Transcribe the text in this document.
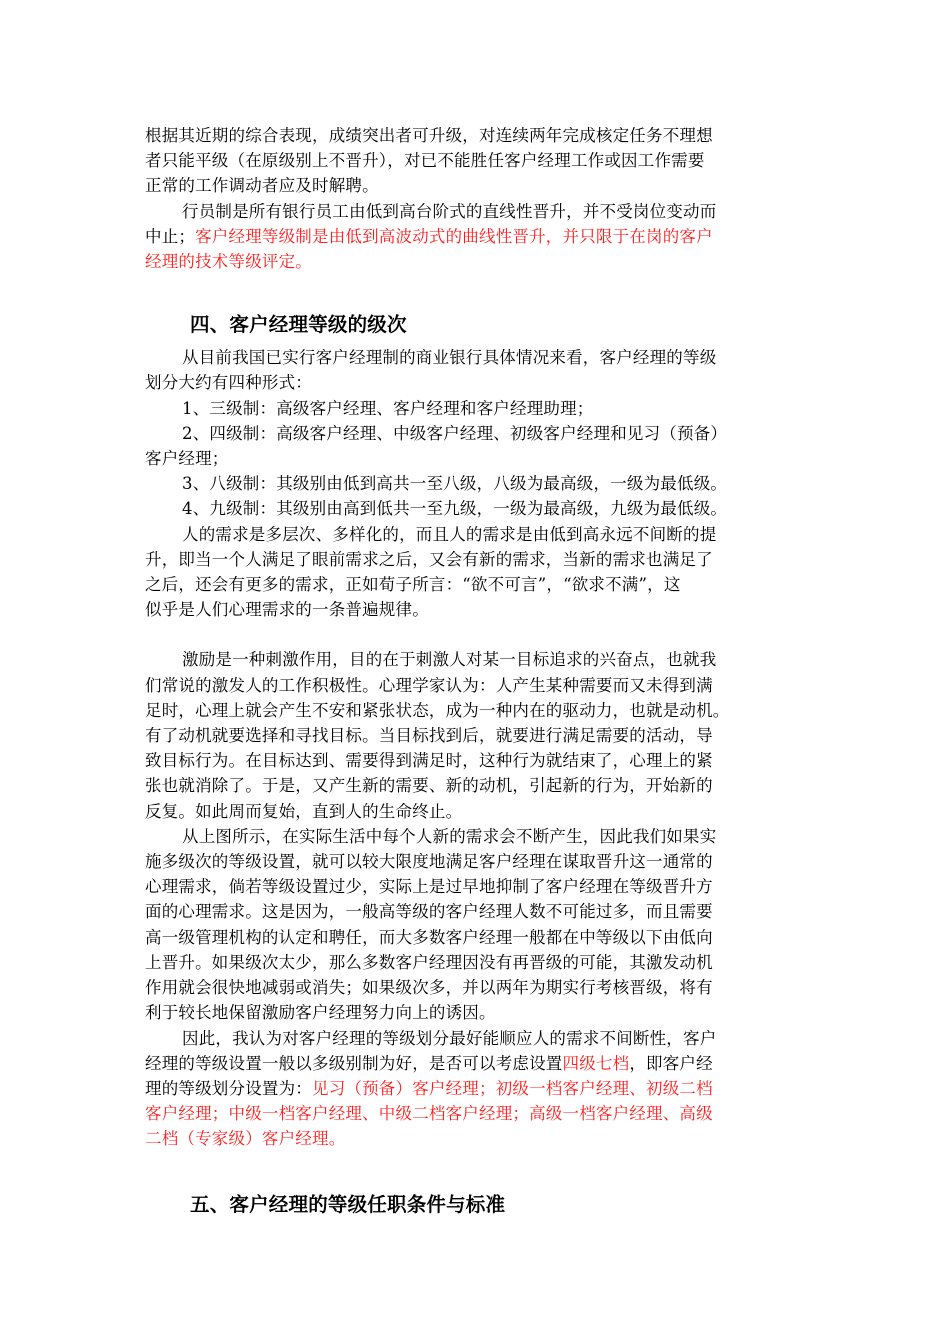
根据其近期的综合表现，成绩突出者可升级，对连续两年完成核定任务不理想
者只能平级（在原级别上不晋升），对已不能胜任客户经理工作或因工作需要
正常的工作调动者应及时解聘。
行员制是所有银行员工由低到高台阶式的直线性晋升，并不受岗位变动而
中止；客户经理等级制是由低到高波动式的曲线性晋升，并只限于在岗的客户
经理的技术等级评定。
四、客户经理等级的级次
从目前我国已实行客户经理制的商业银行具体情况来看，客户经理的等级
划分大约有四种形式：
1、三级制：高级客户经理、客户经理和客户经理助理；
2、四级制：高级客户经理、中级客户经理、初级客户经理和见习（预备）
客户经理；
3、八级制：其级别由低到高共一至八级，八级为最高级，一级为最低级。
4、九级制：其级别由高到低共一至九级，一级为最高级，九级为最低级。
人的需求是多层次、多样化的，而且人的需求是由低到高永远不间断的提
升，即当一个人满足了眼前需求之后，又会有新的需求，当新的需求也满足了
之后，还会有更多的需求，正如荀子所言：“欲不可言”，“欲求不满”，这
似乎是人们心理需求的一条普遍规律。
激励是一种刺激作用，目的在于刺激人对某一目标追求的兴奋点，也就我
们常说的激发人的工作积极性。心理学家认为：人产生某种需要而又未得到满
足时，心理上就会产生不安和紧张状态，成为一种内在的驱动力，也就是动机。
有了动机就要选择和寻找目标。当目标找到后，就要进行满足需要的活动，导
致目标行为。在目标达到、需要得到满足时，这种行为就结束了，心理上的紧
张也就消除了。于是，又产生新的需要、新的动机，引起新的行为，开始新的
反复。如此周而复始，直到人的生命终止。
从上图所示，在实际生活中每个人新的需求会不断产生，因此我们如果实
施多级次的等级设置，就可以较大限度地满足客户经理在谋取晋升这一通常的
心理需求，倘若等级设置过少，实际上是过早地抑制了客户经理在等级晋升方
面的心理需求。这是因为，一般高等级的客户经理人数不可能过多，而且需要
高一级管理机构的认定和聘任，而大多数客户经理一般都在中等级以下由低向
上晋升。如果级次太少，那么多数客户经理因没有再晋级的可能，其激发动机
作用就会很快地减弱或消失；如果级次多，并以两年为期实行考核晋级，将有
利于较长地保留激励客户经理努力向上的诱因。
因此，我认为对客户经理的等级划分最好能顺应人的需求不间断性，客户
经理的等级设置一般以多级别制为好，是否可以考虑设置四级七档，即客户经
理的等级划分设置为：见习（预备）客户经理；初级一档客户经理、初级二档
客户经理；中级一档客户经理、中级二档客户经理；高级一档客户经理、高级
二档（专家级）客户经理。
五、客户经理的等级任职条件与标准
